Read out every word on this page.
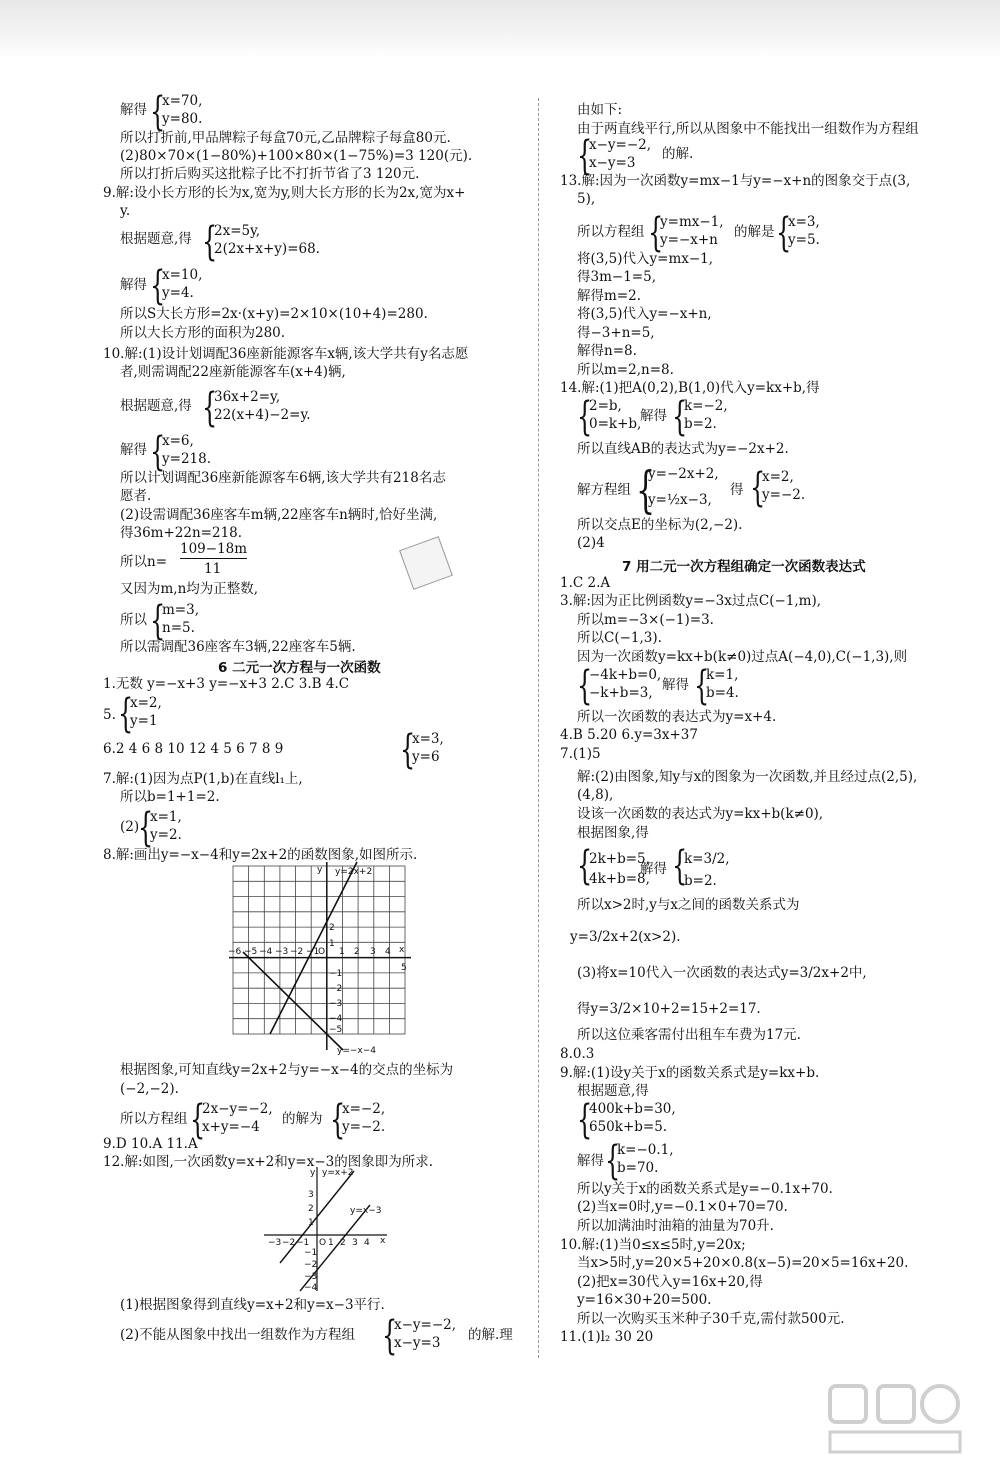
解得 {
x=70,
y=80.
所以打折前,甲品牌粽子每盒70元,乙品牌粽子每盒80元.
(2)80×70×(1−80%)+100×80×(1−75%)=3 120(元).
所以打折后购买这批粽子比不打折节省了3 120元.
9.解:设小长方形的长为x,宽为y,则大长方形的长为2x,宽为x+
y.
根据题意,得 {
2x=5y,
2(2x+x+y)=68.
解得 {
x=10,
y=4.
所以S大长方形=2x·(x+y)=2×10×(10+4)=280.
所以大长方形的面积为280.
10.解:(1)设计划调配36座新能源客车x辆,该大学共有y名志愿
者,则需调配22座新能源客车(x+4)辆,
根据题意,得 {
36x+2=y,
22(x+4)−2=y.
解得 {
x=6,
y=218.
所以计划调配36座新能源客车6辆,该大学共有218名志
愿者.
(2)设需调配36座客车m辆,22座客车n辆时,恰好坐满,
得36m+22n=218.
所以n=
109−18m
11
又因为m,n均为正整数,
所以 {
m=3,
n=5.
所以需调配36座客车3辆,22座客车5辆.
6 二元一次方程与一次函数
1.无数 y=−x+3 y=−x+3 2.C 3.B 4.C
5. {
x=2,
y=1
6.2 4 6 8 10 12 4 5 6 7 8 9	{
x=3,
y=6
7.解:(1)因为点P(1,b)在直线l₁上,
所以b=1+1=2.
(2)
{
x=1,
y=2.
8.解:画出y=−x−4和y=2x+2的函数图象,如图所示.
y=2x+2
y=−x−4
x
y
O
−6 −5 −4 −3 −2 −1 1 2 3 4
5
2
1
−1
−2
−3
−4
−5
根据图象,可知直线y=2x+2与y=−x−4的交点的坐标为
(−2,−2).
所以方程组 {
2x−y=−2,
x+y=−4 的解为 {
x=−2,
y=−2.
9.D 10.A 11.A
12.解:如图,一次函数y=x+2和y=x−3的图象即为所求.
y=x+2
y=x−3
x
y
O
−3 −2 −1 1 2 3 4
3
2
1
−1
−2
−3
−4
(1)根据图象得到直线y=x+2和y=x−3平行.
(2)不能从图象中找出一组数作为方程组 {
x−y=−2,
x−y=3 的解.理
由如下:
由于两直线平行,所以从图象中不能找出一组数作为方程组
{
x−y=−2,
x−y=3
的解.
13.解:因为一次函数y=mx−1与y=−x+n的图象交于点(3,
5),
所以方程组 {
y=mx−1,
y=−x+n 的解是 {
x=3,
y=5.
将(3,5)代入y=mx−1,
得3m−1=5,
解得m=2.
将(3,5)代入y=−x+n,
得−3+n=5,
解得n=8.
所以m=2,n=8.
14.解:(1)把A(0,2),B(1,0)代入y=kx+b,得
{
2=b,
0=k+b,
解得 {
k=−2,
b=2.
所以直线AB的表达式为y=−2x+2.
解方程组 {
y=−2x+2,
y=½x−3,
得 {
x=2,
y=−2.
所以交点E的坐标为(2,−2).
(2)4
7 用二元一次方程组确定一次函数表达式
1.C 2.A
3.解:因为正比例函数y=−3x过点C(−1,m),
所以m=−3×(−1)=3.
所以C(−1,3).
因为一次函数y=kx+b(k≠0)过点A(−4,0),C(−1,3),则
{
−4k+b=0,
−k+b=3, 解得 {
k=1,
b=4.
所以一次函数的表达式为y=x+4.
4.B 5.20 6.y=3x+37
7.(1)5
解:(2)由图象,知y与x的图象为一次函数,并且经过点(2,5),
(4,8),
设该一次函数的表达式为y=kx+b(k≠0),
根据图象,得
{
2k+b=5,
4k+b=8,
解得 {
k=3/2,
b=2.
所以x>2时,y与x之间的函数关系式为
y=3/2x+2(x>2).
(3)将x=10代入一次函数的表达式y=3/2x+2中,
得y=3/2×10+2=15+2=17.
所以这位乘客需付出租车车费为17元.
8.0.3
9.解:(1)设y关于x的函数关系式是y=kx+b.
根据题意,得
{
400k+b=30,
650k+b=5.
解得 {
k=−0.1,
b=70.
所以y关于x的函数关系式是y=−0.1x+70.
(2)当x=0时,y=−0.1×0+70=70.
所以加满油时油箱的油量为70升.
10.解:(1)当0≤x≤5时,y=20x;
当x>5时,y=20×5+20×0.8(x−5)=20×5=16x+20.
(2)把x=30代入y=16x+20,得
y=16×30+20=500.
所以一次购买玉米种子30千克,需付款500元.
11.(1)l₂ 30 20
